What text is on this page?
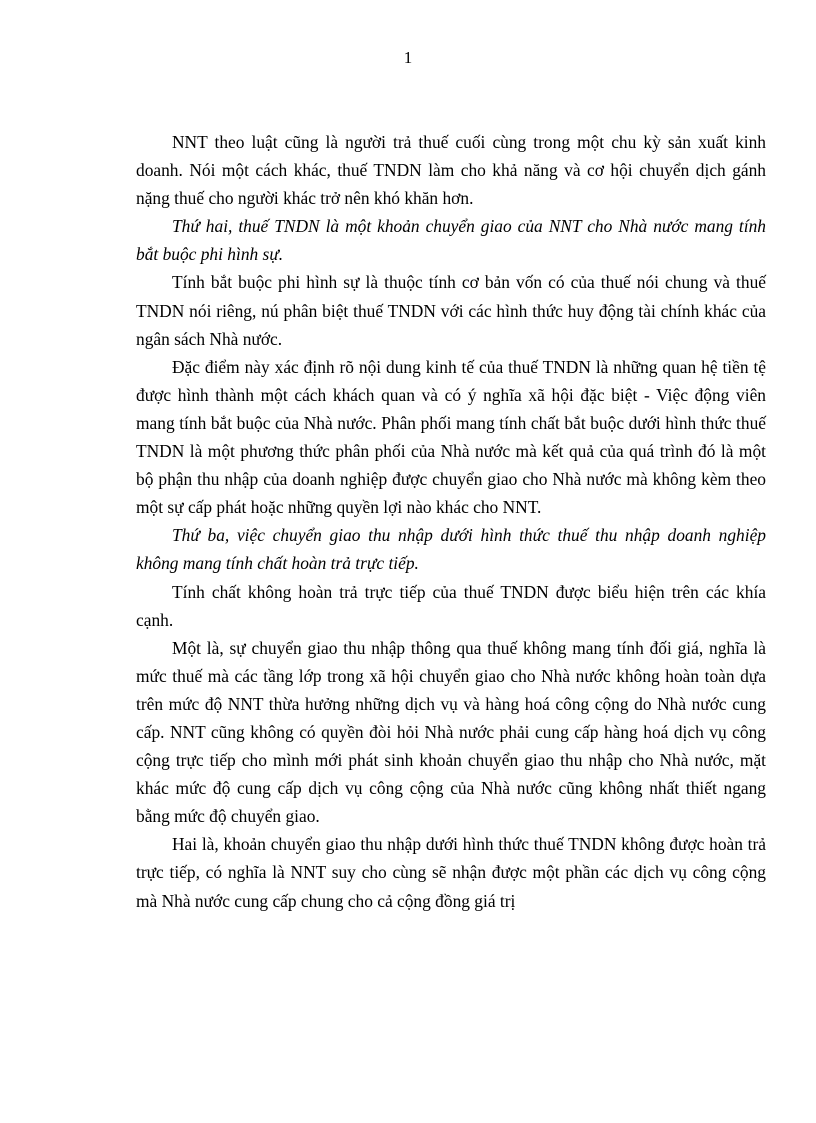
1

NNT theo luật cũng là người trả thuế cuối cùng trong một chu kỳ sản xuất kinh doanh. Nói một cách khác, thuế TNDN làm cho khả năng và cơ hội chuyển dịch gánh nặng thuế cho người khác trở nên khó khăn hơn.

Thứ hai, thuế TNDN là một khoản chuyển giao của NNT cho Nhà nước mang tính bắt buộc phi hình sự.

Tính bắt buộc phi hình sự là thuộc tính cơ bản vốn có của thuế nói chung và thuế TNDN nói riêng, nú phân biệt thuế TNDN với các hình thức huy động tài chính khác của ngân sách Nhà nước.

Đặc điểm này xác định rõ nội dung kinh tế của thuế TNDN là những quan hệ tiền tệ được hình thành một cách khách quan và có ý nghĩa xã hội đặc biệt - Việc động viên mang tính bắt buộc của Nhà nước. Phân phối mang tính chất bắt buộc dưới hình thức thuế TNDN là một phương thức phân phối của Nhà nước mà kết quả của quá trình đó là một bộ phận thu nhập của doanh nghiệp được chuyển giao cho Nhà nước mà không kèm theo một sự cấp phát hoặc những quyền lợi nào khác cho NNT.

Thứ ba, việc chuyển giao thu nhập dưới hình thức thuế thu nhập doanh nghiệp không mang tính chất hoàn trả trực tiếp.

Tính chất không hoàn trả trực tiếp của thuế TNDN được biểu hiện trên các khía cạnh.

Một là, sự chuyển giao thu nhập thông qua thuế không mang tính đối giá, nghĩa là mức thuế mà các tầng lớp trong xã hội chuyển giao cho Nhà nước không hoàn toàn dựa trên mức độ NNT thừa hưởng những dịch vụ và hàng hoá công cộng do Nhà nước cung cấp. NNT cũng không có quyền đòi hỏi Nhà nước phải cung cấp hàng hoá dịch vụ công cộng trực tiếp cho mình mới phát sinh khoản chuyển giao thu nhập cho Nhà nước, mặt khác mức độ cung cấp dịch vụ công cộng của Nhà nước cũng không nhất thiết ngang bằng mức độ chuyển giao.

Hai là, khoản chuyển giao thu nhập dưới hình thức thuế TNDN không được hoàn trả trực tiếp, có nghĩa là NNT suy cho cùng sẽ nhận được một phần các dịch vụ công cộng mà Nhà nước cung cấp chung cho cả cộng đồng giá trị
